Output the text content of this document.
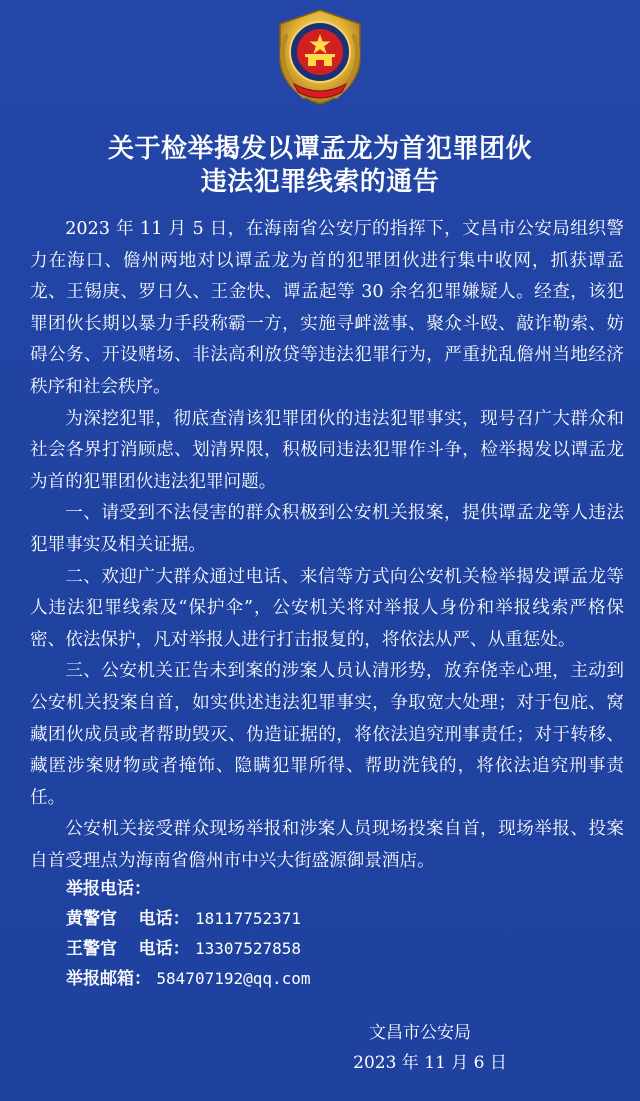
关于检举揭发以谭孟龙为首犯罪团伙
违法犯罪线索的通告

2023 年 11 月 5 日，在海南省公安厅的指挥下，文昌市公安局组织警力在海口、儋州两地对以谭孟龙为首的犯罪团伙进行集中收网，抓获谭孟龙、王锡庚、罗日久、王金快、谭孟起等 30 余名犯罪嫌疑人。经查，该犯罪团伙长期以暴力手段称霸一方，实施寻衅滋事、聚众斗殴、敲诈勒索、妨碍公务、开设赌场、非法高利放贷等违法犯罪行为，严重扰乱儋州当地经济秩序和社会秩序。

为深挖犯罪，彻底查清该犯罪团伙的违法犯罪事实，现号召广大群众和社会各界打消顾虑、划清界限，积极同违法犯罪作斗争，检举揭发以谭孟龙为首的犯罪团伙违法犯罪问题。

一、请受到不法侵害的群众积极到公安机关报案，提供谭孟龙等人违法犯罪事实及相关证据。

二、欢迎广大群众通过电话、来信等方式向公安机关检举揭发谭孟龙等人违法犯罪线索及“保护伞”，公安机关将对举报人身份和举报线索严格保密、依法保护，凡对举报人进行打击报复的，将依法从严、从重惩处。

三、公安机关正告未到案的涉案人员认清形势，放弃侥幸心理，主动到公安机关投案自首，如实供述违法犯罪事实，争取宽大处理；对于包庇、窝藏团伙成员或者帮助毁灭、伪造证据的，将依法追究刑事责任；对于转移、藏匿涉案财物或者掩饰、隐瞒犯罪所得、帮助洗钱的，将依法追究刑事责任。

公安机关接受群众现场举报和涉案人员现场投案自首，现场举报、投案自首受理点为海南省儋州市中兴大街盛源御景酒店。

举报电话：
黄警官 电话： 18117752371
王警官 电话： 13307527858
举报邮箱： 584707192@qq.com
文昌市公安局
2023 年 11 月 6 日
